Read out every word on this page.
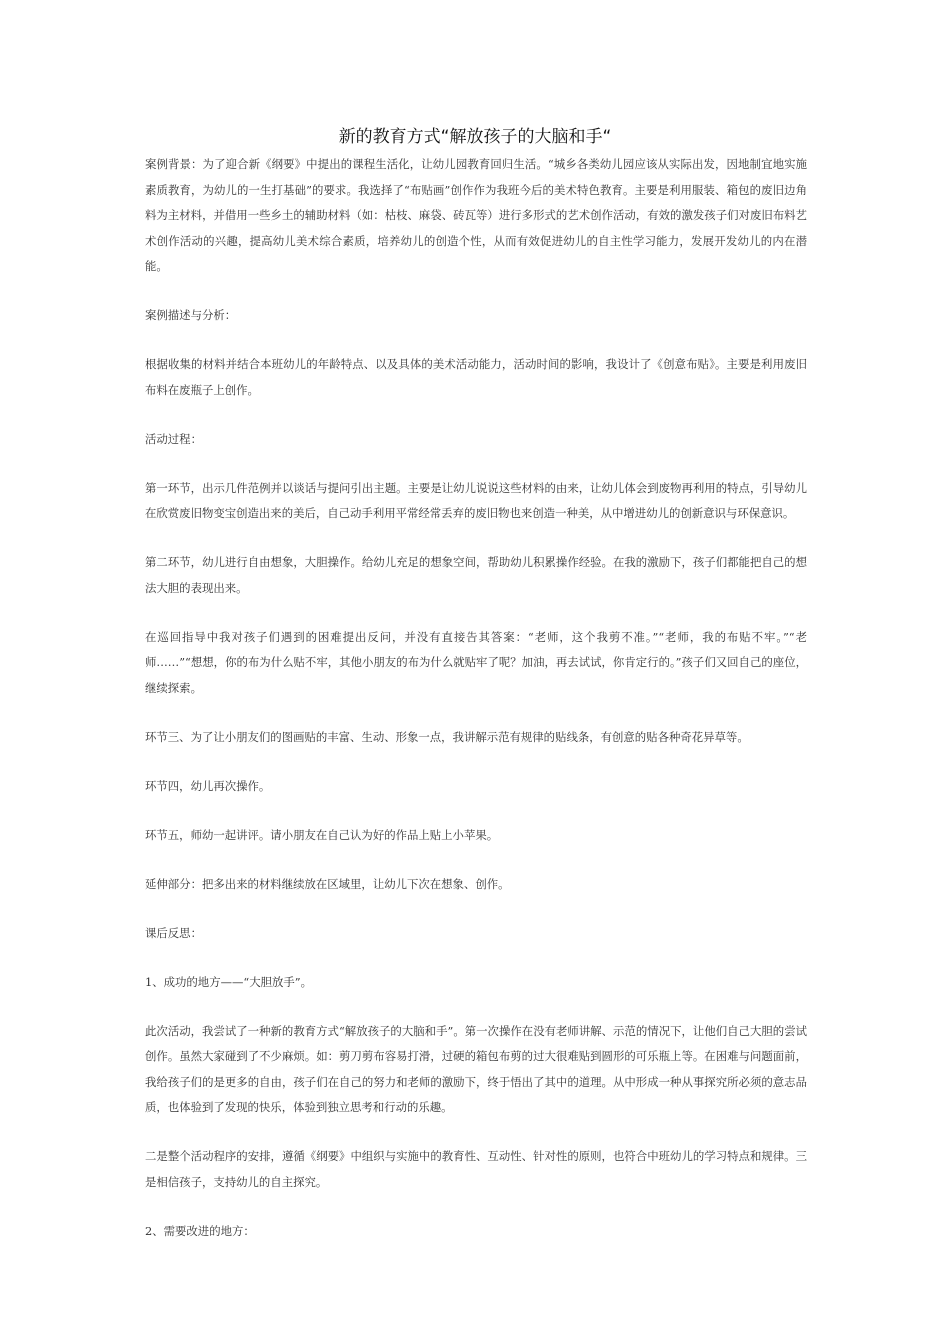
新的教育方式“解放孩子的大脑和手“

案例背景：为了迎合新《纲要》中提出的课程生活化，让幼儿园教育回归生活。“城乡各类幼儿园应该从实际出发，因地制宜地实施素质教育，为幼儿的一生打基础”的要求。我选择了“布贴画”创作作为我班今后的美术特色教育。主要是利用服装、箱包的废旧边角料为主材料，并借用一些乡土的辅助材料（如：枯枝、麻袋、砖瓦等）进行多形式的艺术创作活动，有效的激发孩子们对废旧布料艺术创作活动的兴趣，提高幼儿美术综合素质，培养幼儿的创造个性，从而有效促进幼儿的自主性学习能力，发展开发幼儿的内在潜能。

案例描述与分析：

根据收集的材料并结合本班幼儿的年龄特点、以及具体的美术活动能力，活动时间的影响，我设计了《创意布贴》。主要是利用废旧布料在废瓶子上创作。

活动过程：

第一环节，出示几件范例并以谈话与提问引出主题。主要是让幼儿说说这些材料的由来，让幼儿体会到废物再利用的特点，引导幼儿在欣赏废旧物变宝创造出来的美后，自己动手利用平常经常丢弃的废旧物也来创造一种美，从中增进幼儿的创新意识与环保意识。

第二环节，幼儿进行自由想象，大胆操作。给幼儿充足的想象空间，帮助幼儿积累操作经验。在我的激励下，孩子们都能把自己的想法大胆的表现出来。

在巡回指导中我对孩子们遇到的困难提出反问，并没有直接告其答案：“老师，这个我剪不准。”“老师，我的布贴不牢。”“老师……”“想想，你的布为什么贴不牢，其他小朋友的布为什么就贴牢了呢？加油，再去试试，你肯定行的。”孩子们又回自己的座位，继续探索。

环节三、为了让小朋友们的图画贴的丰富、生动、形象一点，我讲解示范有规律的贴线条，有创意的贴各种奇花异草等。

环节四，幼儿再次操作。

环节五，师幼一起讲评。请小朋友在自己认为好的作品上贴上小苹果。

延伸部分：把多出来的材料继续放在区域里，让幼儿下次在想象、创作。

课后反思：

1、成功的地方——“大胆放手”。

此次活动，我尝试了一种新的教育方式“解放孩子的大脑和手”。第一次操作在没有老师讲解、示范的情况下，让他们自己大胆的尝试创作。虽然大家碰到了不少麻烦。如：剪刀剪布容易打滑，过硬的箱包布剪的过大很难贴到圆形的可乐瓶上等。在困难与问题面前，我给孩子们的是更多的自由，孩子们在自己的努力和老师的激励下，终于悟出了其中的道理。从中形成一种从事探究所必须的意志品质，也体验到了发现的快乐，体验到独立思考和行动的乐趣。

二是整个活动程序的安排，遵循《纲要》中组织与实施中的教育性、互动性、针对性的原则，也符合中班幼儿的学习特点和规律。三是相信孩子，支持幼儿的自主探究。

2、需要改进的地方：
